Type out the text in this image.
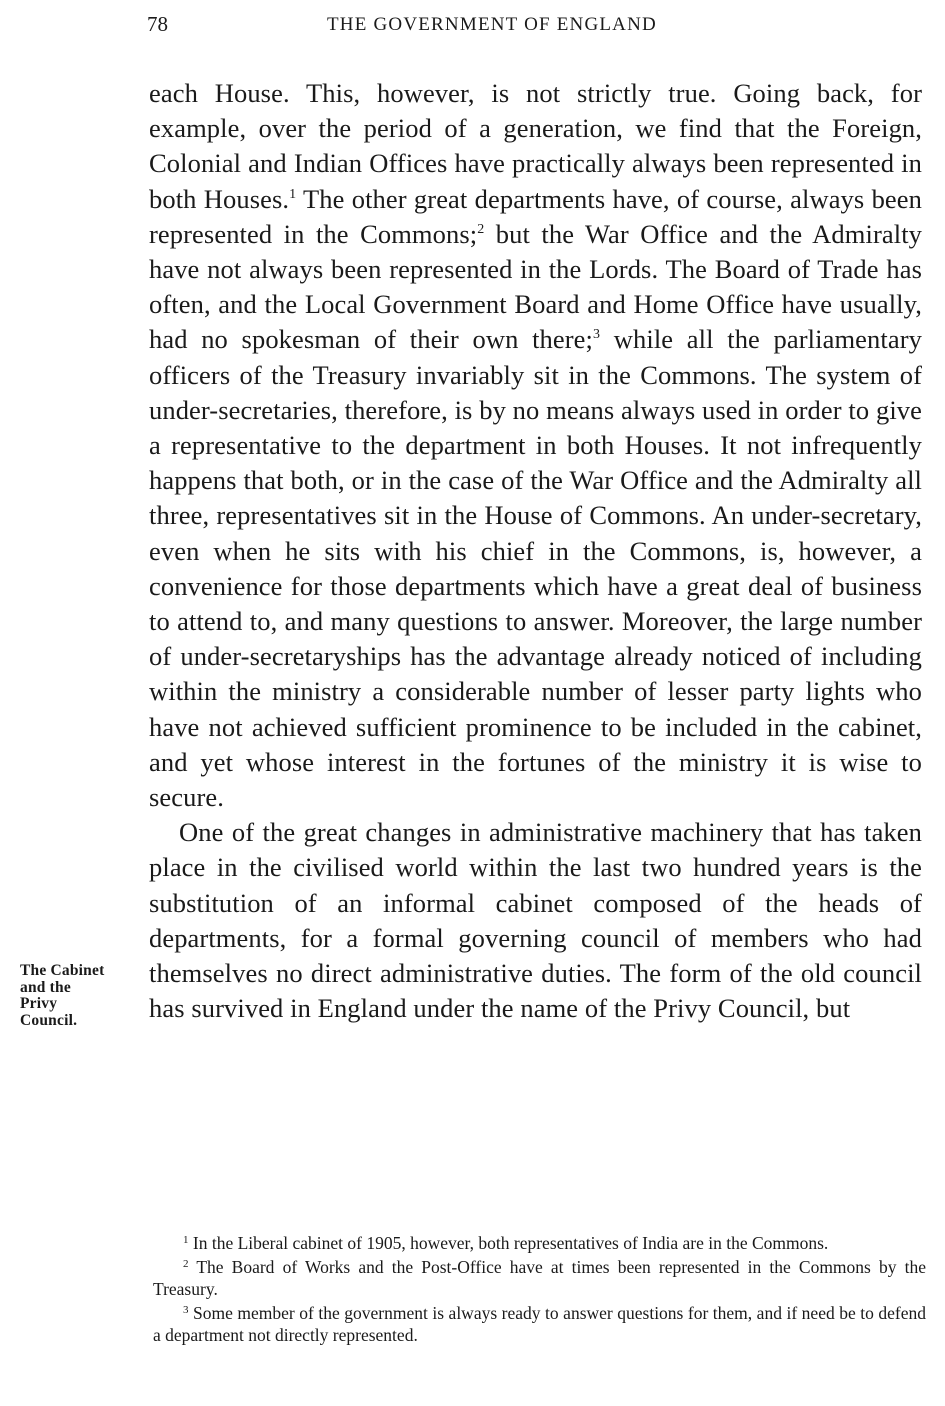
78	THE GOVERNMENT OF ENGLAND

each House. This, however, is not strictly true. Going back, for example, over the period of a generation, we find that the Foreign, Colonial and Indian Offices have practically always been represented in both Houses.$^1$ The other great departments have, of course, always been represented in the Commons;$^2$ but the War Office and the Admiralty have not always been represented in the Lords. The Board of Trade has often, and the Local Government Board and Home Office have usually, had no spokesman of their own there;$^3$ while all the parliamentary officers of the Treasury invariably sit in the Commons. The system of under-secretaries, therefore, is by no means always used in order to give a representative to the department in both Houses. It not infrequently happens that both, or in the case of the War Office and the Admiralty all three, representatives sit in the House of Commons. An under-secretary, even when he sits with his chief in the Commons, is, however, a convenience for those departments which have a great deal of business to attend to, and many questions to answer. Moreover, the large number of under-secretaryships has the advantage already noticed of including within the ministry a considerable number of lesser party lights who have not achieved sufficient prominence to be included in the cabinet, and yet whose interest in the fortunes of the ministry it is wise to secure.

One of the great changes in administrative machinery that has taken place in the civilised world within the last two hundred years is the substitution of an informal cabinet composed of the heads of departments, for a formal governing council of members who had themselves no direct administrative duties. The form of the old council has survived in England under the name of the Privy Council, but

The Cabinet
and the
Privy
Council.

$^1$ In the Liberal cabinet of 1905, however, both representatives of India are in the Commons.

$^2$ The Board of Works and the Post-Office have at times been represented in the Commons by the Treasury.

$^3$ Some member of the government is always ready to answer questions for them, and if need be to defend a department not directly represented.
